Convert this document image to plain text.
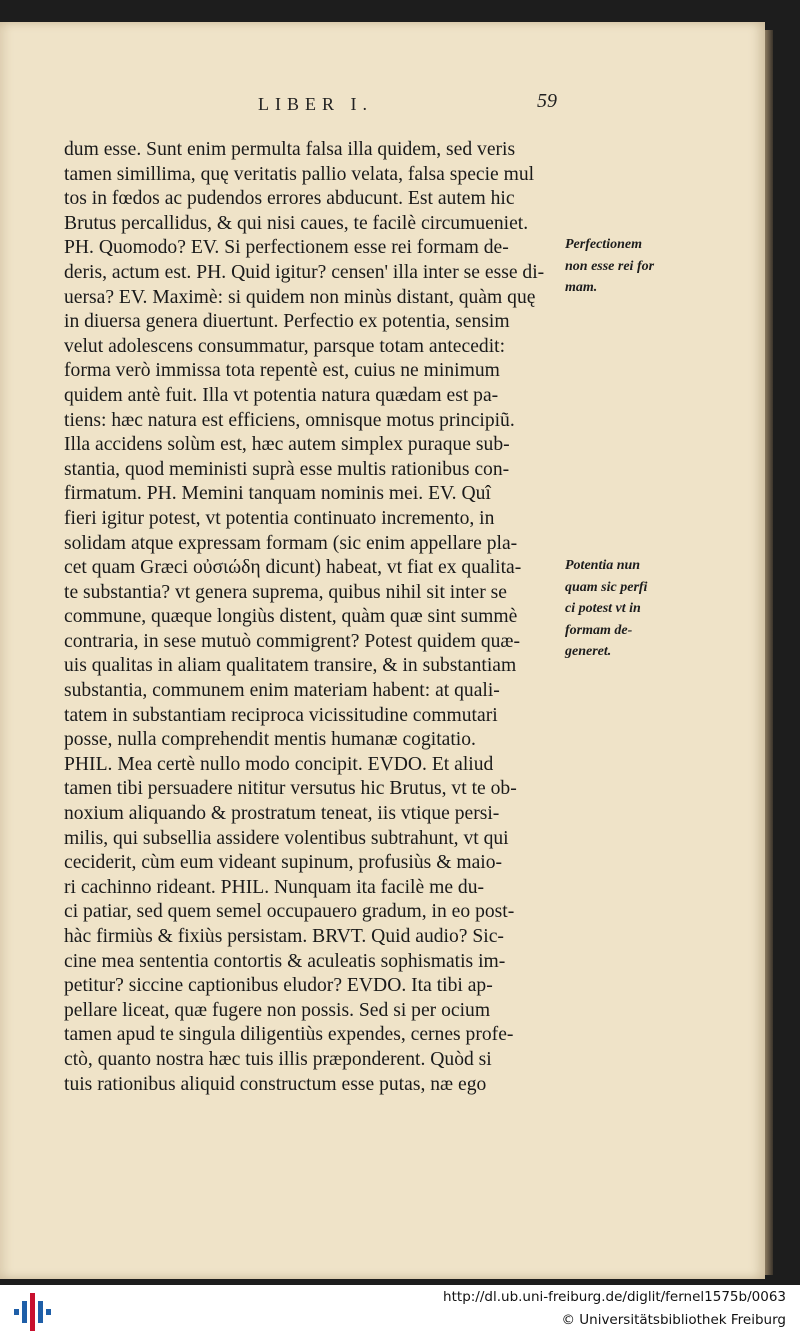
LIBER I.	59
dum esse. Sunt enim permulta falsa illa quidem, sed veris
tamen simillima, quę veritatis pallio velata, falsa specie mul
tos in fœdos ac pudendos errores abducunt. Est autem hic
Brutus percallidus, & qui nisi caues, te facilè circumueniet.
PH. Quomodo? EV. Si perfectionem esse rei formam de-
deris, actum est. PH. Quid igitur? censen' illa inter se esse di-
uersa? EV. Maximè: si quidem non minùs distant, quàm quę
in diuersa genera diuertunt. Perfectio ex potentia, sensim
velut adolescens consummatur, parsque totam antecedit:
forma verò immissa tota repentè est, cuius ne minimum
quidem antè fuit. Illa vt potentia natura quædam est pa-
tiens: hæc natura est efficiens, omnisque motus principiũ.
Illa accidens solùm est, hæc autem simplex puraque sub-
stantia, quod meministi suprà esse multis rationibus con-
firmatum. PH. Memini tanquam nominis mei. EV. Quî
fieri igitur potest, vt potentia continuato incremento, in
solidam atque expressam formam (sic enim appellare pla-
cet quam Græci οὐσιώδη dicunt) habeat, vt fiat ex qualita-
te substantia? vt genera suprema, quibus nihil sit inter se
commune, quæque longiùs distent, quàm quæ sint summè
contraria, in sese mutuò commigrent? Potest quidem quæ-
uis qualitas in aliam qualitatem transire, & in substantiam
substantia, communem enim materiam habent: at quali-
tatem in substantiam reciproca vicissitudine commutari
posse, nulla comprehendit mentis humanæ cogitatio.
PHIL. Mea certè nullo modo concipit. EVDO. Et aliud
tamen tibi persuadere nititur versutus hic Brutus, vt te ob-
noxium aliquando & prostratum teneat, iis vtique persi-
milis, qui subsellia assidere volentibus subtrahunt, vt qui
ceciderit, cùm eum videant supinum, profusiùs & maio-
ri cachinno rideant. PHIL. Nunquam ita facilè me du-
ci patiar, sed quem semel occupauero gradum, in eo post-
hàc firmiùs & fixiùs persistam. BRVT. Quid audio? Sic-
cine mea sententia contortis & aculeatis sophismatis im-
petitur? siccine captionibus eludor? EVDO. Ita tibi ap-
pellare liceat, quæ fugere non possis. Sed si per ocium
tamen apud te singula diligentiùs expendes, cernes profe-
ctò, quanto nostra hæc tuis illis præponderent. Quòd si
tuis rationibus aliquid constructum esse putas, næ ego
Perfectionem
non esse rei for
mam.
Potentia nun
quam sic perfi
ci potest vt in
formam de-
generet.
http://dl.ub.uni-freiburg.de/diglit/fernel1575b/0063
© Universitätsbibliothek Freiburg
